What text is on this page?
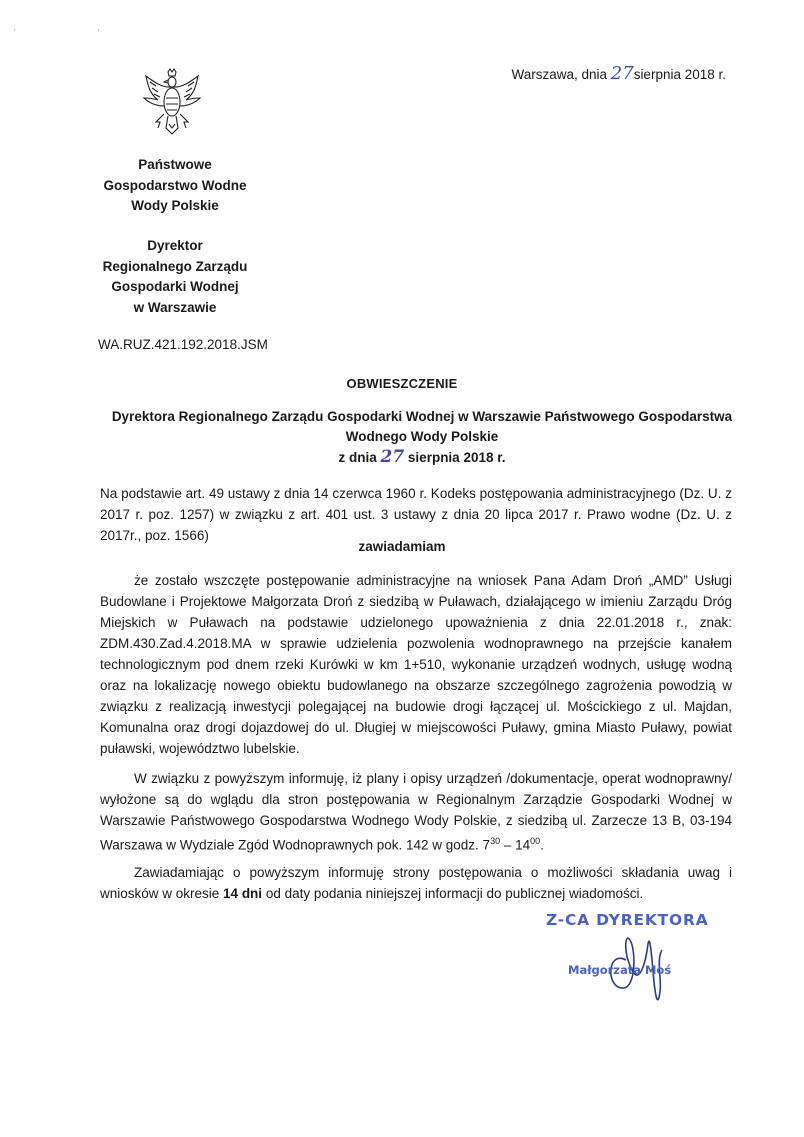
' '
Warszawa, dnia 27sierpnia 2018 r.
Państwowe
Gospodarstwo Wodne
Wody Polskie
Dyrektor
Regionalnego Zarządu
Gospodarki Wodnej
w Warszawie
WA.RUZ.421.192.2018.JSM
OBWIESZCZENIE
Dyrektora Regionalnego Zarządu Gospodarki Wodnej w Warszawie Państwowego Gospodarstwa
Wodnego Wody Polskie
z dnia 27 sierpnia 2018 r.
Na podstawie art. 49 ustawy z dnia 14 czerwca 1960 r. Kodeks postępowania administracyjnego (Dz. U. z 2017 r. poz. 1257) w związku z art. 401 ust. 3 ustawy z dnia 20 lipca 2017 r. Prawo wodne (Dz. U. z 2017r., poz. 1566)
zawiadamiam
że zostało wszczęte postępowanie administracyjne na wniosek Pana Adam Droń „AMD” Usługi Budowlane i Projektowe Małgorzata Droń z siedzibą w Puławach, działającego w imieniu Zarządu Dróg Miejskich w Puławach na podstawie udzielonego upoważnienia z dnia 22.01.2018 r., znak: ZDM.430.Zad.4.2018.MA w sprawie udzielenia pozwolenia wodnoprawnego na przejście kanałem technologicznym pod dnem rzeki Kurówki w km 1+510, wykonanie urządzeń wodnych, usługę wodną oraz na lokalizację nowego obiektu budowlanego na obszarze szczególnego zagrożenia powodzią w związku z realizacją inwestycji polegającej na budowie drogi łączącej ul. Mościckiego z ul. Majdan, Komunalna oraz drogi dojazdowej do ul. Długiej w miejscowości Puławy, gmina Miasto Puławy, powiat puławski, województwo lubelskie.
W związku z powyższym informuję, iż plany i opisy urządzeń /dokumentacje, operat wodnoprawny/ wyłożone są do wglądu dla stron postępowania w Regionalnym Zarządzie Gospodarki Wodnej w Warszawie Państwowego Gospodarstwa Wodnego Wody Polskie, z siedzibą ul. Zarzecze 13 B, 03-194 Warszawa w Wydziale Zgód Wodnoprawnych pok. 142 w godz. $7^{30} - 14^{00}$.
Zawiadamiając o powyższym informuję strony postępowania o możliwości składania uwag i wniosków w okresie 14 dni od daty podania niniejszej informacji do publicznej wiadomości.
Z-CA DYREKTORA
Małgorzata Moś
